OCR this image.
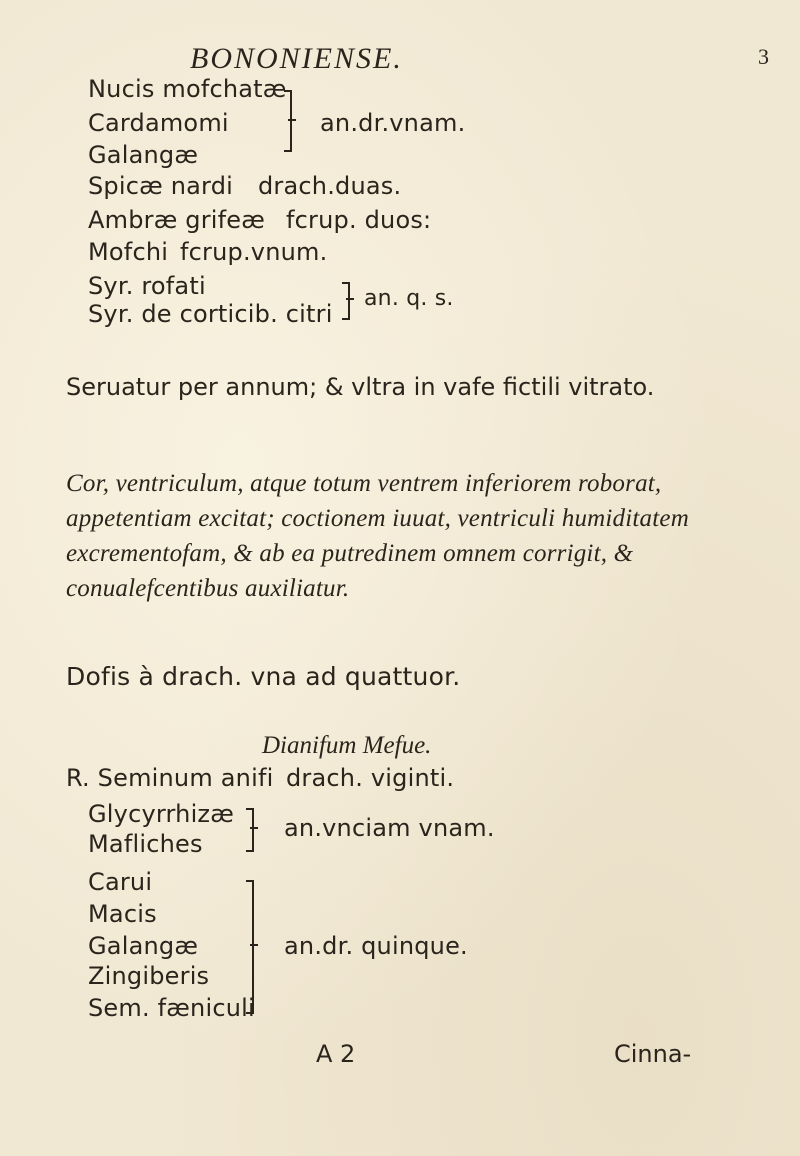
BONONIENSE.	3
Nucis mofchatæ
Cardamomi
Galangæ
an.dr.vnam.
Spicæ nardi drach.duas.
Ambræ grifeæ fcrup. duos:
Mofchi fcrup.vnum.
Syr. rofati
Syr. de corticib. citri
an. q. s.
Seruatur per annum; & vltra in vafe fictili vitrato.
Cor, ventriculum, atque totum ventrem inferiorem roborat, appetentiam excitat; coctionem iuuat, ventriculi humiditatem excrementofam, & ab ea putredinem omnem corrigit, & conualefcentibus auxiliatur.
Dofis à drach. vna ad quattuor.
Dianifum Mefue.
R. Seminum anifi drach. viginti.
Glycyrrhizæ
Mafliches
an.vnciam vnam.
Carui
Macis
Galangæ
Zingiberis
Sem. fæniculi
an.dr. quinque.
A 2	Cinna-
